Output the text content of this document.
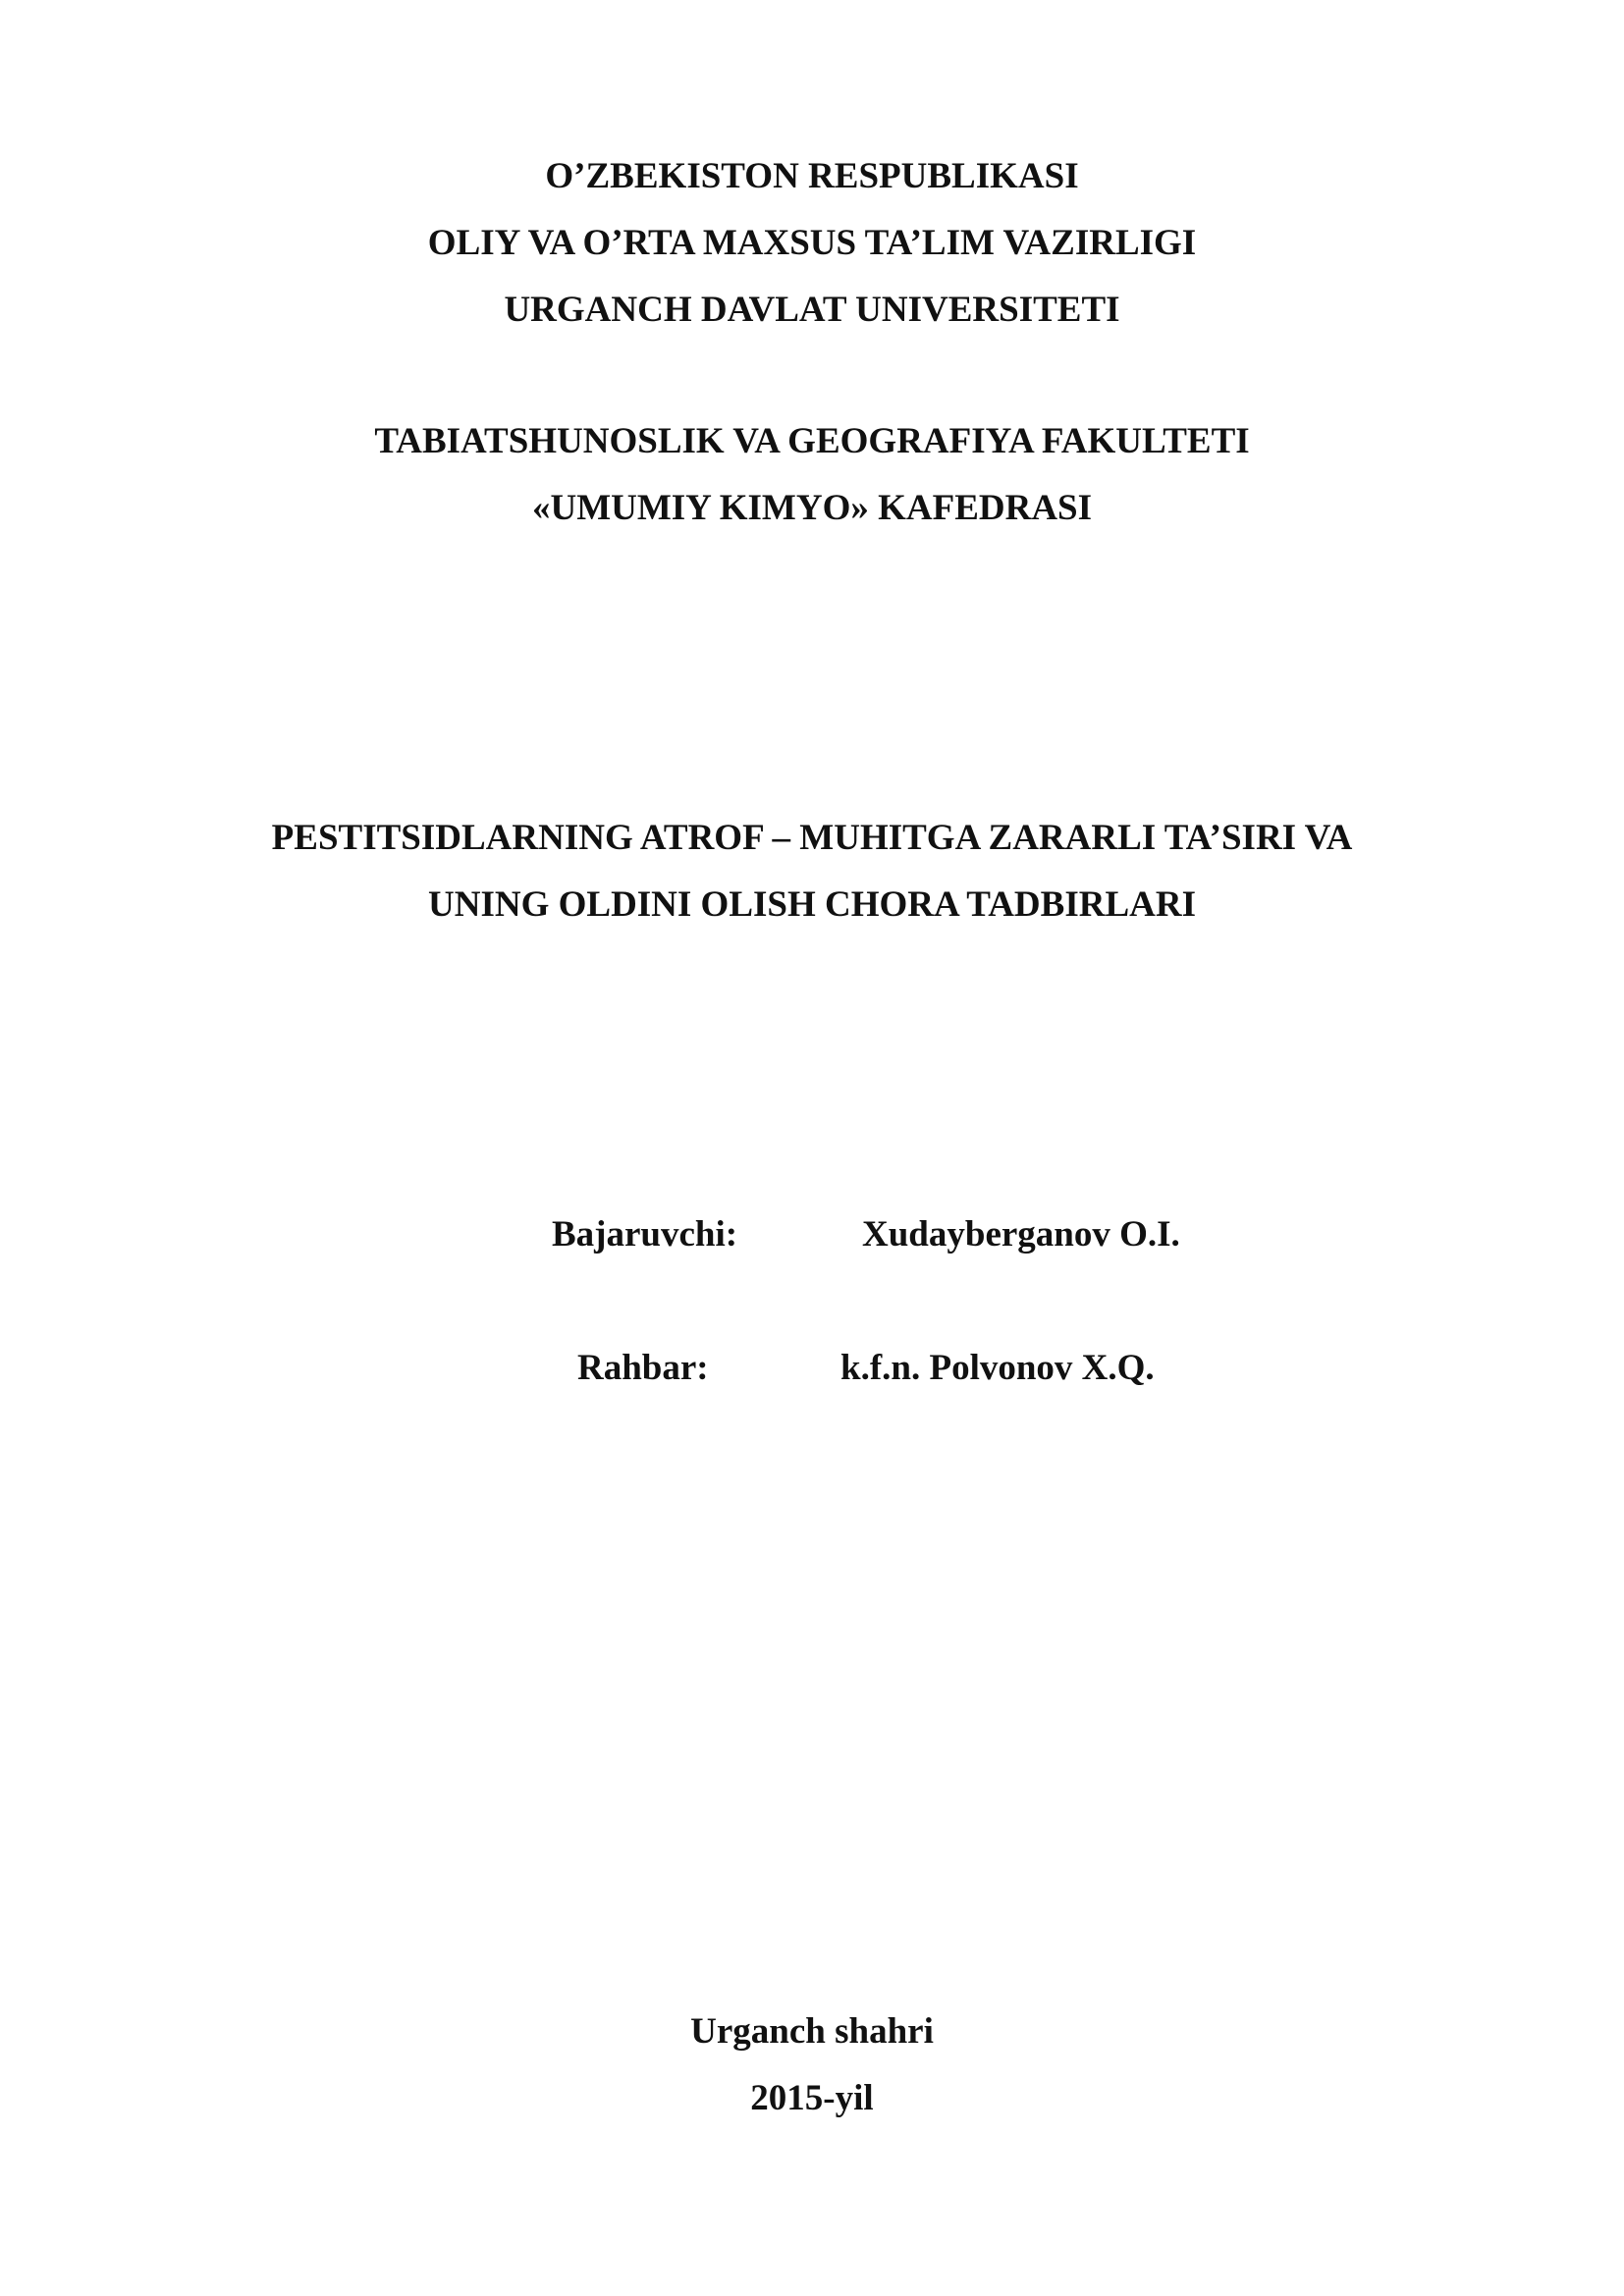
O’ZBEKISTON RESPUBLIKASI
OLIY VA O’RTA MAXSUS TA’LIM VAZIRLIGI
URGANCH DAVLAT UNIVERSITETI
TABIATSHUNOSLIK VA GEOGRAFIYA FAKULTETI
«UMUMIY KIMYO» KAFEDRASI
PESTITSIDLARNING ATROF – MUHITGA ZARARLI TA’SIRI VA
UNING OLDINI OLISH CHORA TADBIRLARI
Bajaruvchi:	Xudayberganov O.I.
Rahbar:	k.f.n. Polvonov X.Q.
Urganch shahri
2015-yil
